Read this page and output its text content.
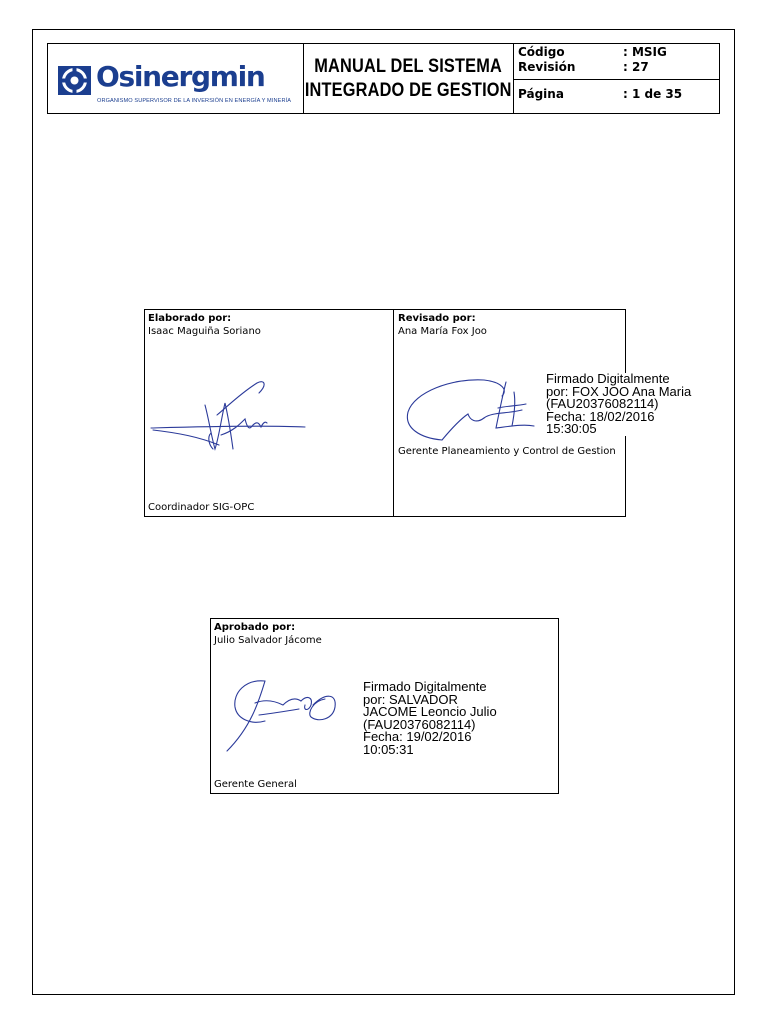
Osinergmin
ORGANISMO SUPERVISOR DE LA INVERSIÓN EN ENERGÍA Y MINERÍA
MANUAL DEL SISTEMA
INTEGRADO DE GESTION
Código	: MSIG
Revisión	: 27
Página	: 1 de 35
Elaborado por:
Isaac Maguiña Soriano
Coordinador SIG-OPC
Revisado por:
Ana María Fox Joo
Firmado Digitalmente
por: FOX JOO Ana Maria
(FAU20376082114)
Fecha: 18/02/2016
15:30:05
Gerente Planeamiento y Control de Gestion
Aprobado por:
Julio Salvador Jácome
Firmado Digitalmente
por: SALVADOR
JACOME Leoncio Julio
(FAU20376082114)
Fecha: 19/02/2016
10:05:31
Gerente General
